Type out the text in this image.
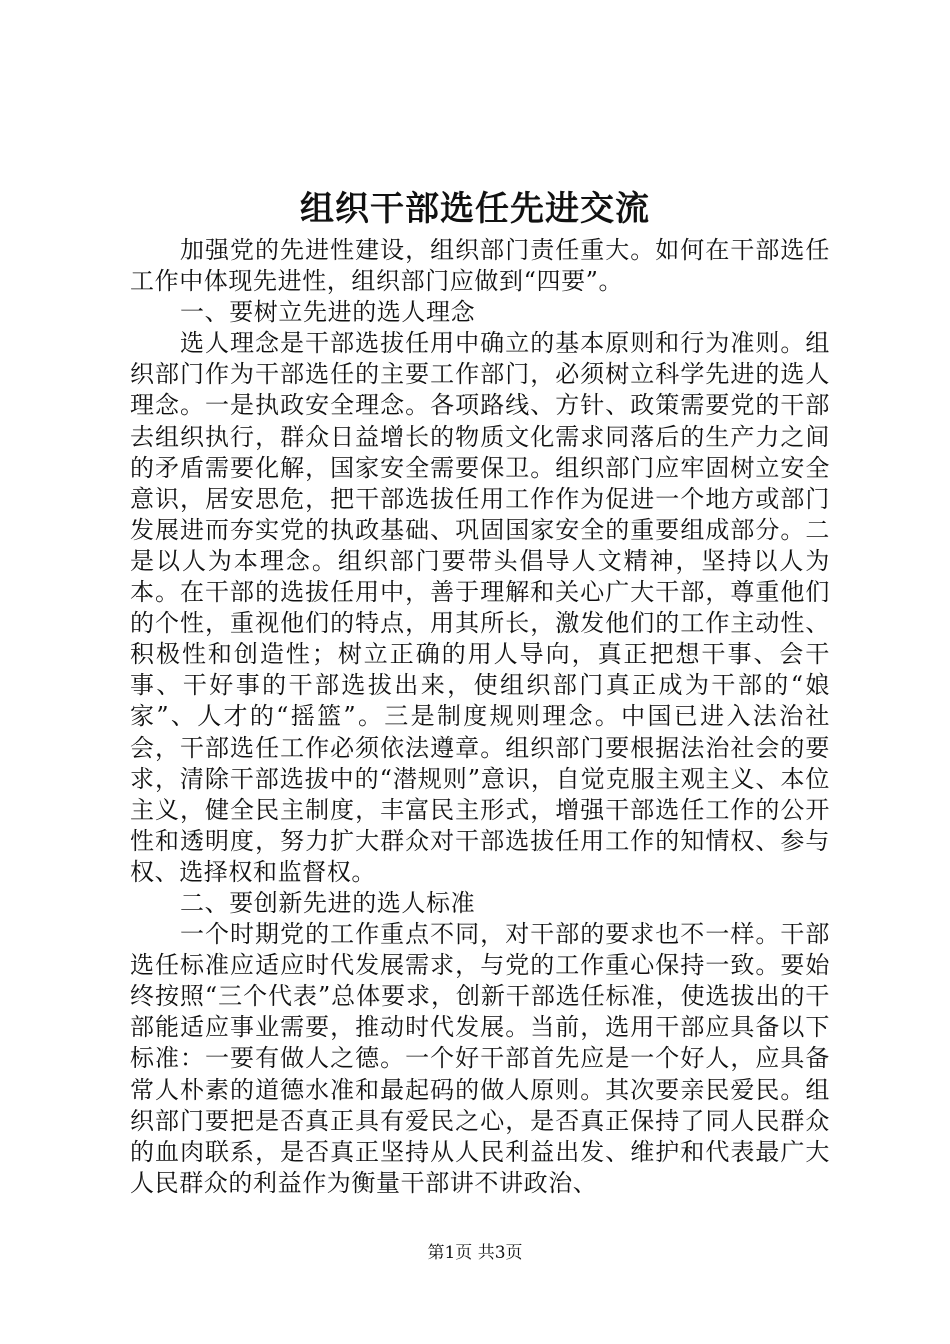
组织干部选任先进交流

加强党的先进性建设，组织部门责任重大。如何在干部选任工作中体现先进性，组织部门应做到“四要”。

一、要树立先进的选人理念

选人理念是干部选拔任用中确立的基本原则和行为准则。组织部门作为干部选任的主要工作部门，必须树立科学先进的选人理念。一是执政安全理念。各项路线、方针、政策需要党的干部去组织执行，群众日益增长的物质文化需求同落后的生产力之间的矛盾需要化解，国家安全需要保卫。组织部门应牢固树立安全意识，居安思危，把干部选拔任用工作作为促进一个地方或部门发展进而夯实党的执政基础、巩固国家安全的重要组成部分。二是以人为本理念。组织部门要带头倡导人文精神，坚持以人为本。在干部的选拔任用中，善于理解和关心广大干部，尊重他们的个性，重视他们的特点，用其所长，激发他们的工作主动性、积极性和创造性；树立正确的用人导向，真正把想干事、会干事、干好事的干部选拔出来，使组织部门真正成为干部的“娘家”、人才的“摇篮”。三是制度规则理念。中国已进入法治社会，干部选任工作必须依法遵章。组织部门要根据法治社会的要求，清除干部选拔中的“潜规则”意识，自觉克服主观主义、本位主义，健全民主制度，丰富民主形式，增强干部选任工作的公开性和透明度，努力扩大群众对干部选拔任用工作的知情权、参与权、选择权和监督权。

二、要创新先进的选人标准

一个时期党的工作重点不同，对干部的要求也不一样。干部选任标准应适应时代发展需求，与党的工作重心保持一致。要始终按照“三个代表”总体要求，创新干部选任标准，使选拔出的干部能适应事业需要，推动时代发展。当前，选用干部应具备以下标准：一要有做人之德。一个好干部首先应是一个好人，应具备常人朴素的道德水准和最起码的做人原则。其次要亲民爱民。组织部门要把是否真正具有爱民之心，是否真正保持了同人民群众的血肉联系，是否真正坚持从人民利益出发、维护和代表最广大人民群众的利益作为衡量干部讲不讲政治、

第1页 共3页
